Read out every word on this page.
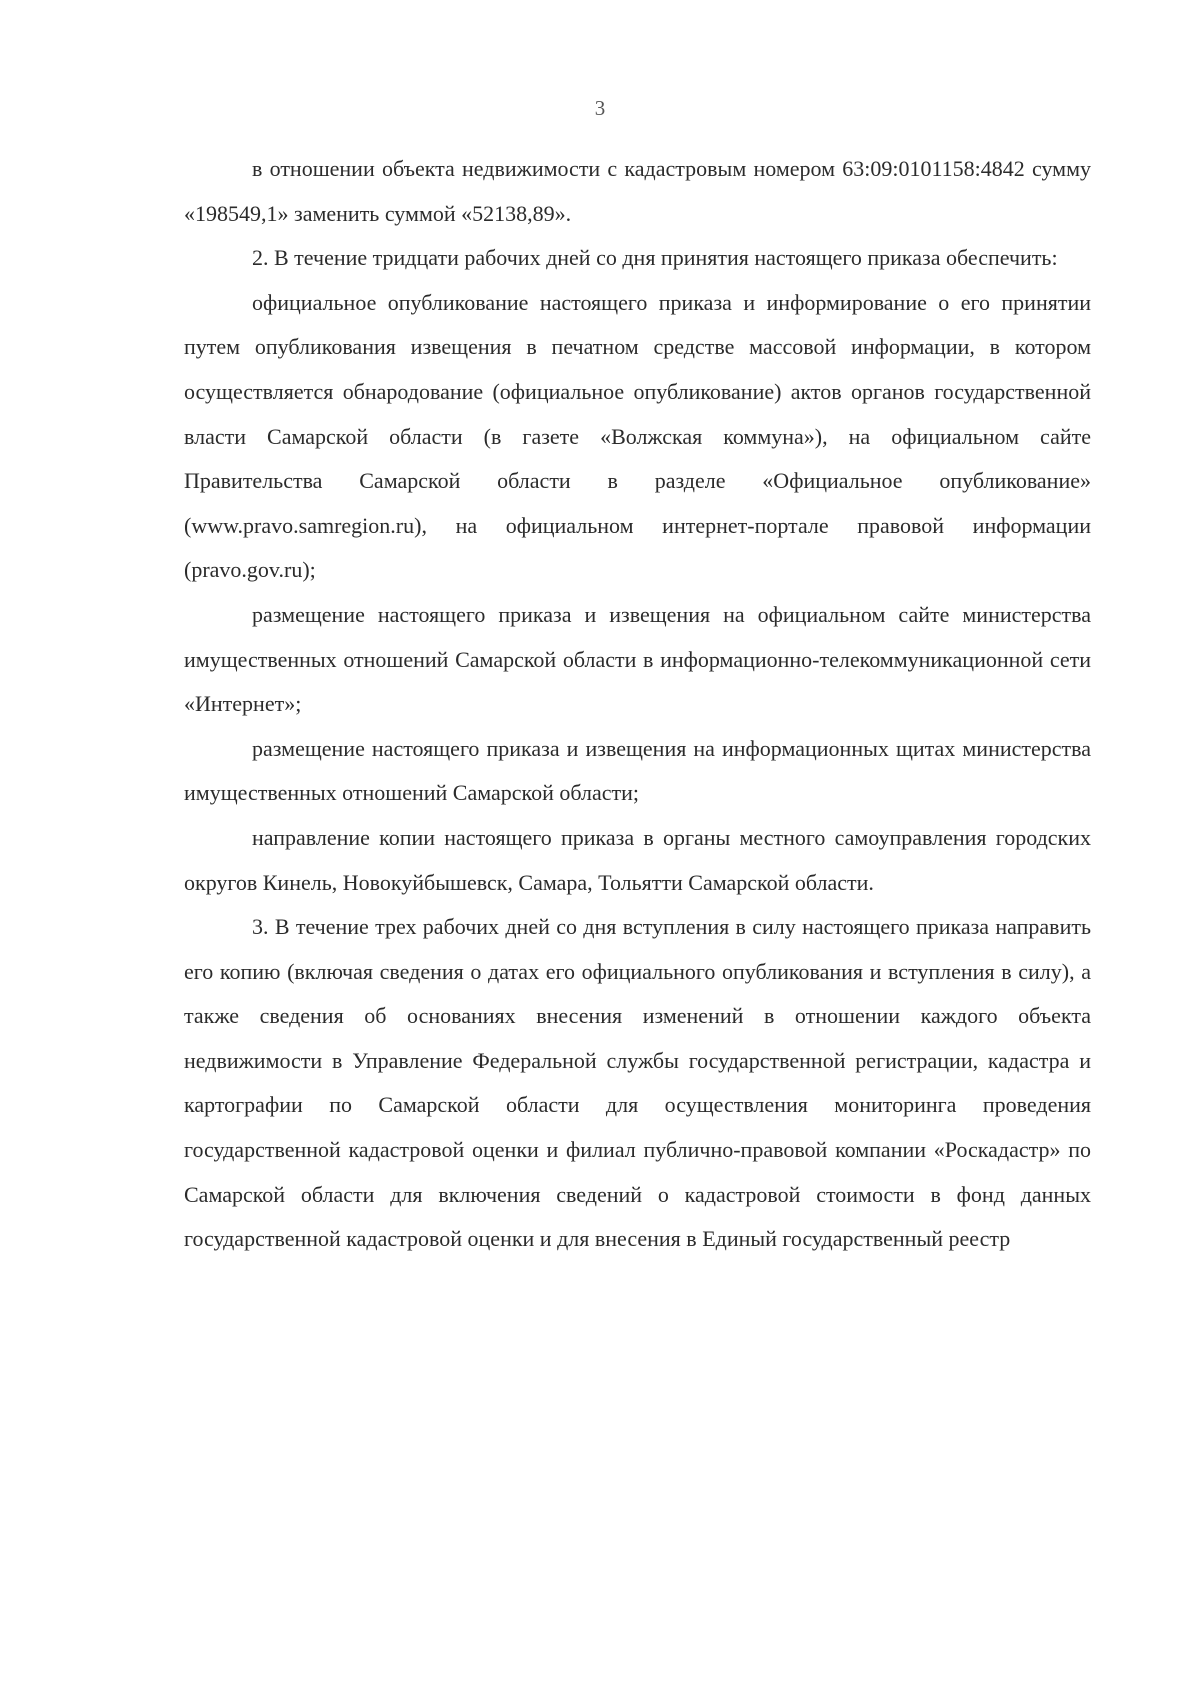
3

в отношении объекта недвижимости с кадастровым номером 63:09:0101158:4842 сумму «198549,1» заменить суммой «52138,89».

2. В течение тридцати рабочих дней со дня принятия настоящего приказа обеспечить:

официальное опубликование настоящего приказа и информирование о его принятии путем опубликования извещения в печатном средстве массовой информации, в котором осуществляется обнародование (официальное опубликование) актов органов государственной власти Самарской области (в газете «Волжская коммуна»), на официальном сайте Правительства Самарской области в разделе «Официальное опубликование» (www.pravo.samregion.ru), на официальном интернет-портале правовой информации (pravo.gov.ru);

размещение настоящего приказа и извещения на официальном сайте министерства имущественных отношений Самарской области в информационно-телекоммуникационной сети «Интернет»;

размещение настоящего приказа и извещения на информационных щитах министерства имущественных отношений Самарской области;

направление копии настоящего приказа в органы местного самоуправления городских округов Кинель, Новокуйбышевск, Самара, Тольятти Самарской области.

3. В течение трех рабочих дней со дня вступления в силу настоящего приказа направить его копию (включая сведения о датах его официального опубликования и вступления в силу), а также сведения об основаниях внесения изменений в отношении каждого объекта недвижимости в Управление Федеральной службы государственной регистрации, кадастра и картографии по Самарской области для осуществления мониторинга проведения государственной кадастровой оценки и филиал публично-правовой компании «Роскадастр» по Самарской области для включения сведений о кадастровой стоимости в фонд данных государственной кадастровой оценки и для внесения в Единый государственный реестр
